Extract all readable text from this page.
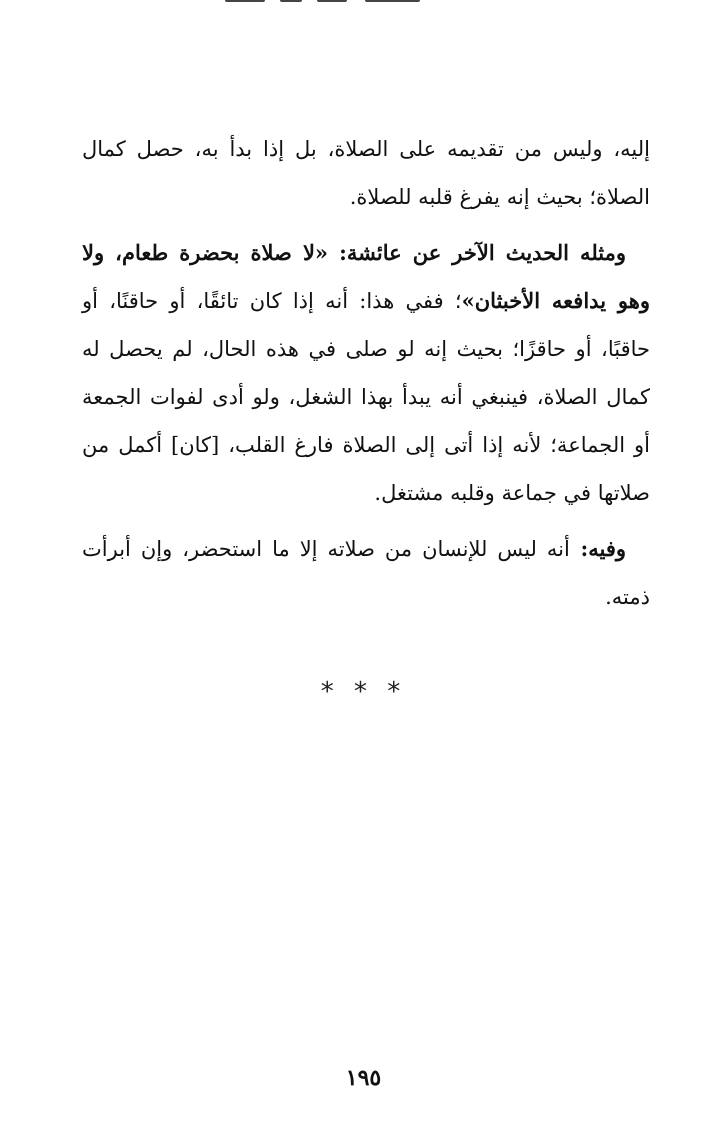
إليه، وليس من تقديمه على الصلاة، بل إذا بدأ به، حصل كمال الصلاة؛ بحيث إنه يفرغ قلبه للصلاة.

ومثله الحديث الآخر عن عائشة: «لا صلاة بحضرة طعام، ولا وهو يدافعه الأخبثان»؛ ففي هذا: أنه إذا كان تائقًا، أو حاقنًا، أو حاقبًا، أو حاقزًا؛ بحيث إنه لو صلى في هذه الحال، لم يحصل له كمال الصلاة، فينبغي أنه يبدأ بهذا الشغل، ولو أدى لفوات الجمعة أو الجماعة؛ لأنه إذا أتى إلى الصلاة فارغ القلب، [كان] أكمل من صلاتها في جماعة وقلبه مشتغل.

وفيه: أنه ليس للإنسان من صلاته إلا ما استحضر، وإن أبرأت ذمته.

* * *
١٩٥
